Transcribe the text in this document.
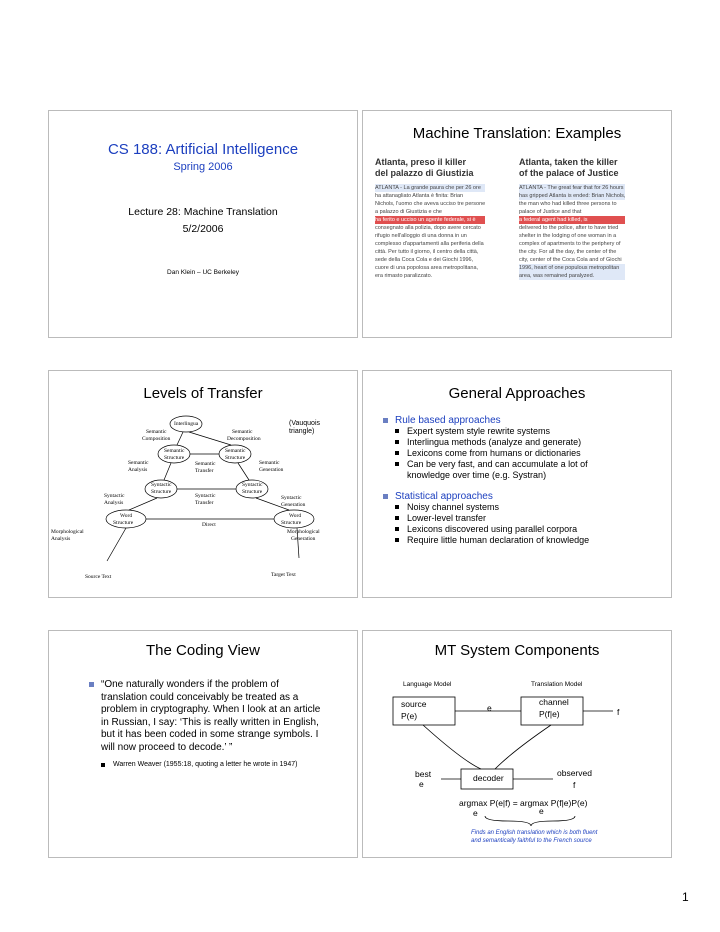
CS 188: Artificial Intelligence
Spring 2006
Lecture 28: Machine Translation
5/2/2006
Dan Klein – UC Berkeley
Machine Translation: Examples
Atlanta, preso il killer
del palazzo di Giustizia
Atlanta, taken the killer
of the palace of Justice
ATLANTA - La grande paura che per 26 ore
ha attanagliato Atlanta è finita: Brian
Nichols, l'uomo che aveva ucciso tre persone
a palazzo di Giustizia e che
ha ferito e ucciso un agente federale, si è
consegnato alla polizia, dopo avere cercato
rifugio nell'alloggio di una donna in un
complesso d'appartamenti alla periferia della
città. Per tutto il giorno, il centro della città,
sede della Coca Cola e dei Giochi 1996,
cuore di una popolosa area metropolitana,
era rimasto paralizzato.
ATLANTA - The great fear that for 26 hours
has gripped Atlanta is ended: Brian Nichols,
the man who had killed three persons to
palace of Justice and that
a federal agent had killed, is
delivered to the police, after to have tried
shelter in the lodging of one woman in a
complex of apartments to the periphery of
the city. For all the day, the center of the
city, center of the Coca Cola and of Giochi
1996, heart of one populous metropolitan
area, was remained paralyzed.
Levels of Transfer
(Vauquois
triangle)
Interlingua
Semantic
Composition
Semantic
Decomposition
Semantic
Structure
Semantic
Structure
Semantic
Analysis
Semantic
Transfer
Semantic
Generation
Syntactic
Structure
Syntactic
Structure
Syntactic
Analysis
Syntactic
Transfer
Syntactic
Generation
Word
Structure
Word
Structure
Direct
Morphological
Analysis
Morphological
Generation
Source Text	Target Text
General Approaches
Rule based approaches
Expert system style rewrite systems
Interlingua methods (analyze and generate)
Lexicons come from humans or dictionaries
Can be very fast, and can accumulate a lot of
knowledge over time (e.g. Systran)
Statistical approaches
Noisy channel systems
Lower-level transfer
Lexicons discovered using parallel corpora
Require little human declaration of knowledge
The Coding View
“One naturally wonders if the problem of
translation could conceivably be treated as a
problem in cryptography. When I look at an article
in Russian, I say: ‘This is really written in English,
but it has been coded in some strange symbols. I
will now proceed to decode.’ ”
Warren Weaver (1955:18, quoting a letter he wrote in 1947)
MT System Components
Language Model	Translation Model
source
P(e)
e
channel
P(f|e)	f
best
e
decoder	observed
f
argmax P(e|f) = argmax P(f|e)P(e)
e	e
Finds an English translation which is both fluent
and semantically faithful to the French source
1
